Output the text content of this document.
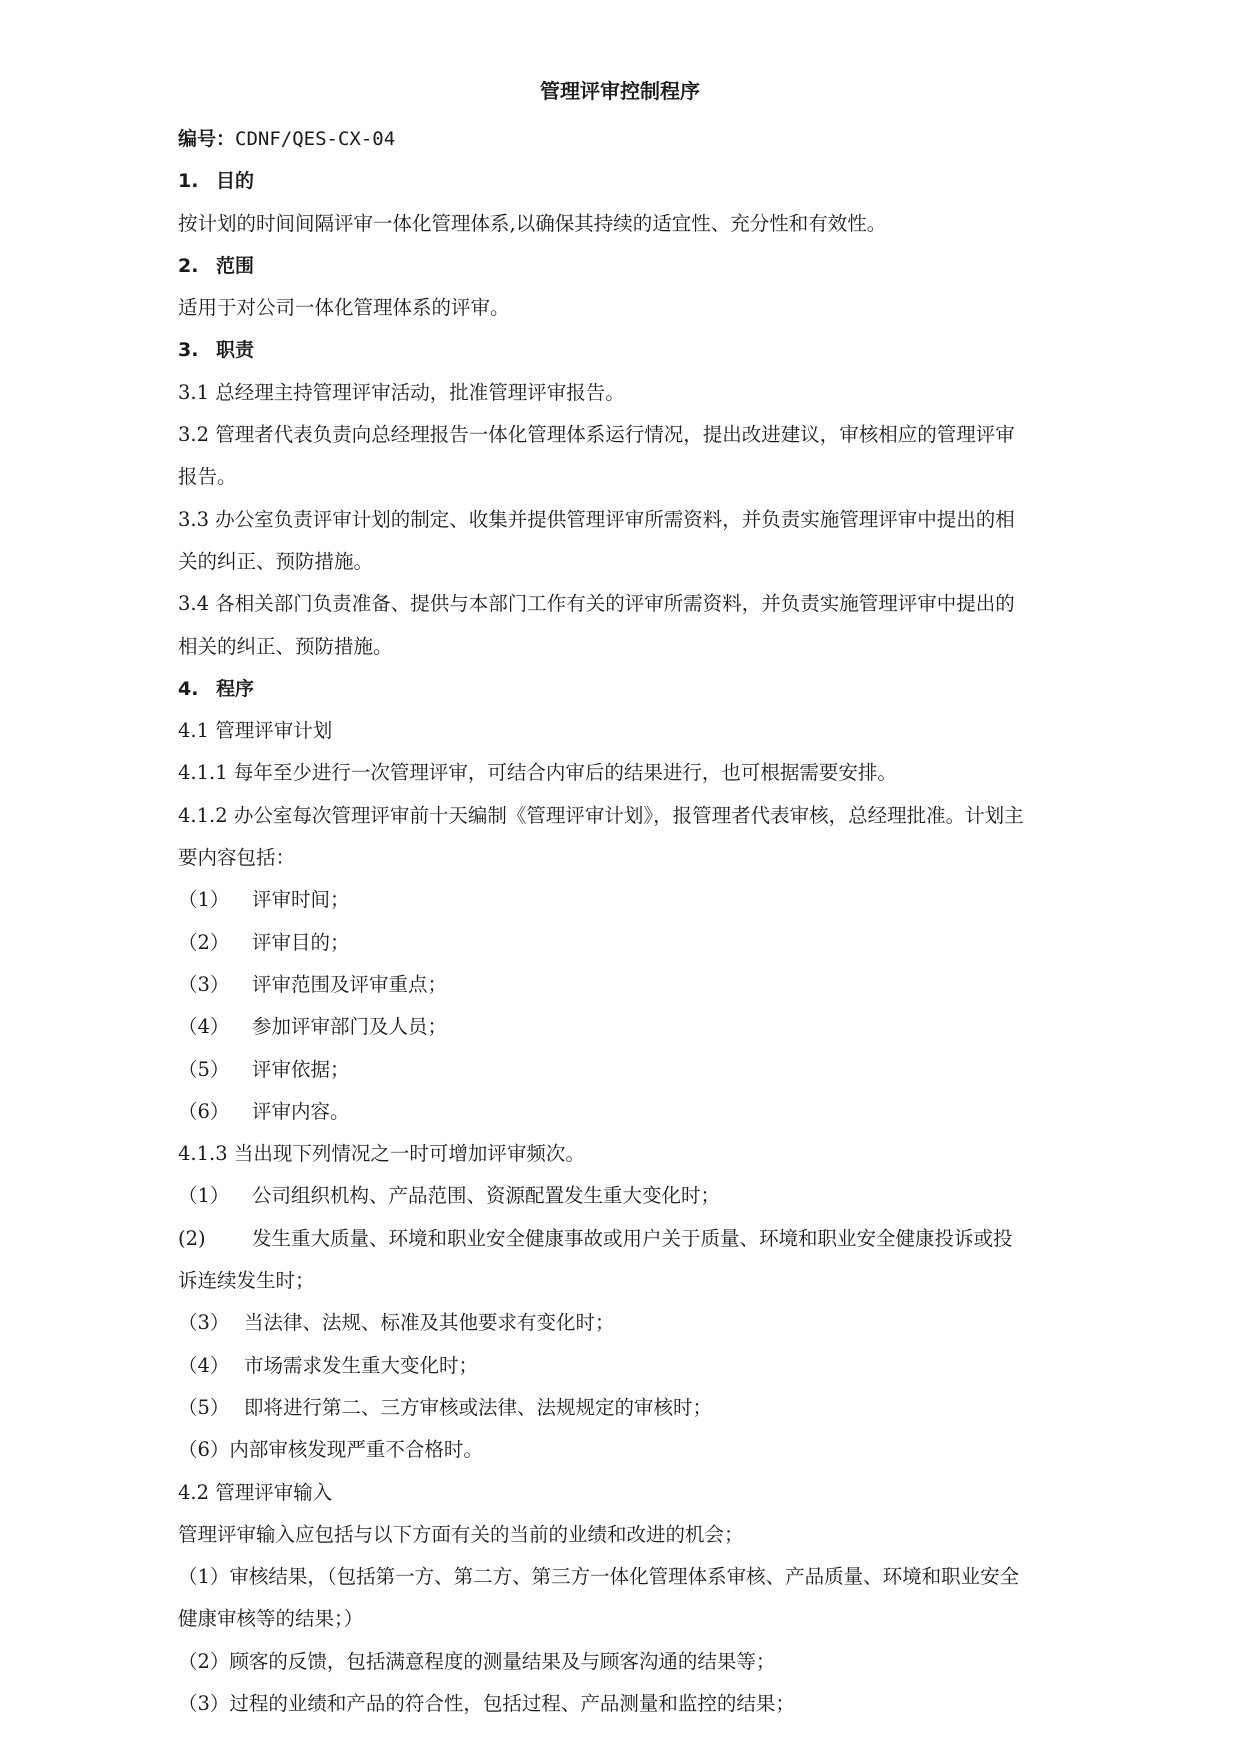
管理评审控制程序
编号：CDNF/QES-CX-04
1. 目的
按计划的时间间隔评审一体化管理体系,以确保其持续的适宜性、充分性和有效性。
2. 范围
适用于对公司一体化管理体系的评审。
3. 职责
3.1 总经理主持管理评审活动，批准管理评审报告。
3.2 管理者代表负责向总经理报告一体化管理体系运行情况，提出改进建议，审核相应的管理评审
报告。
3.3 办公室负责评审计划的制定、收集并提供管理评审所需资料，并负责实施管理评审中提出的相
关的纠正、预防措施。
3.4 各相关部门负责准备、提供与本部门工作有关的评审所需资料，并负责实施管理评审中提出的
相关的纠正、预防措施。
4. 程序
4.1 管理评审计划
4.1.1 每年至少进行一次管理评审，可结合内审后的结果进行，也可根据需要安排。
4.1.2 办公室每次管理评审前十天编制《管理评审计划》，报管理者代表审核，总经理批准。计划主
要内容包括：
（1） 评审时间；
（2） 评审目的；
（3） 评审范围及评审重点；
（4） 参加评审部门及人员；
（5） 评审依据；
（6） 评审内容。
4.1.3 当出现下列情况之一时可增加评审频次。
（1） 公司组织机构、产品范围、资源配置发生重大变化时；
(2) 发生重大质量、环境和职业安全健康事故或用户关于质量、环境和职业安全健康投诉或投
诉连续发生时；
（3） 当法律、法规、标准及其他要求有变化时；
（4） 市场需求发生重大变化时；
（5） 即将进行第二、三方审核或法律、法规规定的审核时；
（6）内部审核发现严重不合格时。
4.2 管理评审输入
管理评审输入应包括与以下方面有关的当前的业绩和改进的机会；
（1）审核结果，（包括第一方、第二方、第三方一体化管理体系审核、产品质量、环境和职业安全
健康审核等的结果；）
（2）顾客的反馈，包括满意程度的测量结果及与顾客沟通的结果等；
（3）过程的业绩和产品的符合性，包括过程、产品测量和监控的结果；
